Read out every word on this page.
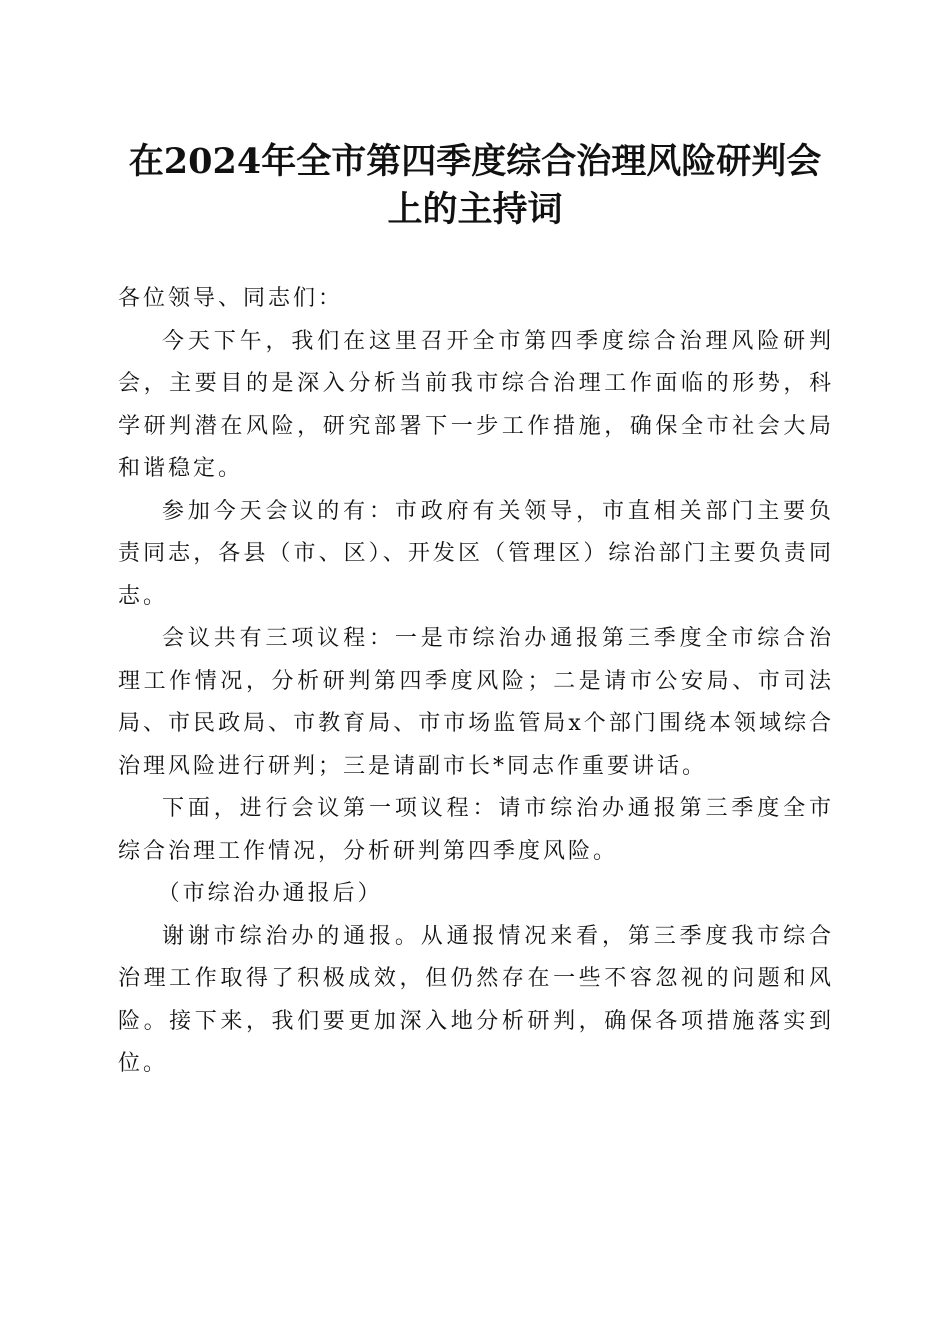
在2024年全市第四季度综合治理风险研判会
上的主持词

各位领导、同志们：

今天下午，我们在这里召开全市第四季度综合治理风险研判会，主要目的是深入分析当前我市综合治理工作面临的形势，科学研判潜在风险，研究部署下一步工作措施，确保全市社会大局和谐稳定。

参加今天会议的有：市政府有关领导，市直相关部门主要负责同志，各县（市、区）、开发区（管理区）综治部门主要负责同志。

会议共有三项议程：一是市综治办通报第三季度全市综合治理工作情况，分析研判第四季度风险；二是请市公安局、市司法局、市民政局、市教育局、市市场监管局x个部门围绕本领域综合治理风险进行研判；三是请副市长*同志作重要讲话。

下面，进行会议第一项议程：请市综治办通报第三季度全市综合治理工作情况，分析研判第四季度风险。

（市综治办通报后）

谢谢市综治办的通报。从通报情况来看，第三季度我市综合治理工作取得了积极成效，但仍然存在一些不容忽视的问题和风险。接下来，我们要更加深入地分析研判，确保各项措施落实到位。
